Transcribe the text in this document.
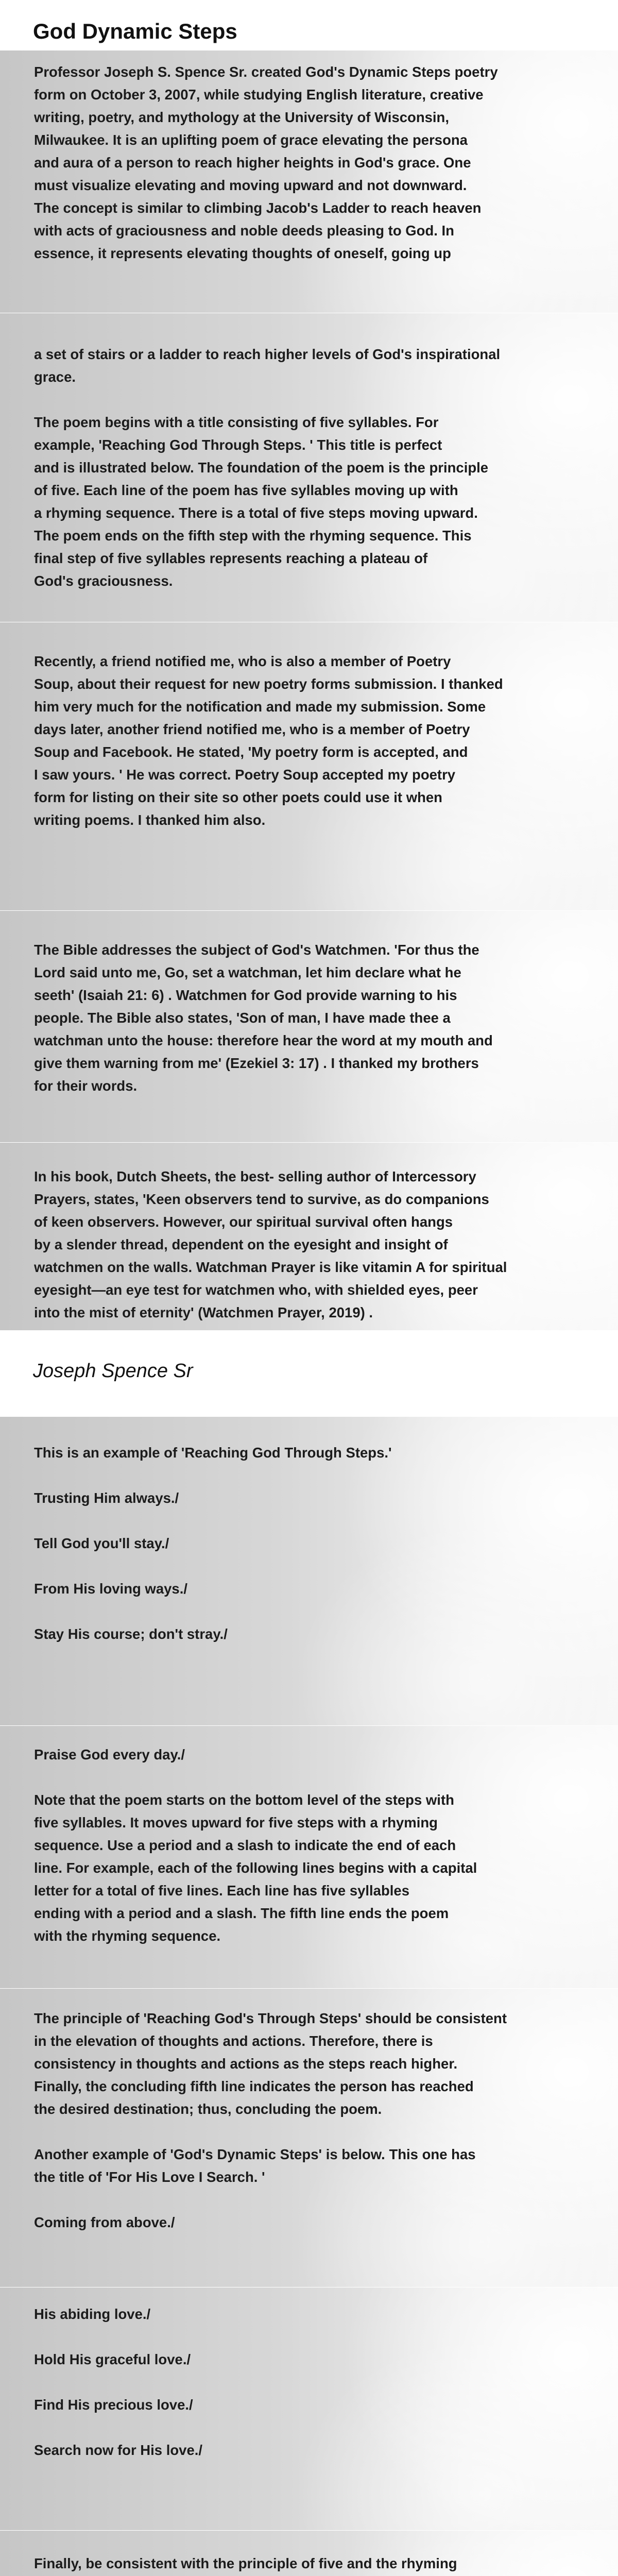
God Dynamic Steps

Professor Joseph S. Spence Sr. created God's Dynamic Steps poetry

form on October 3, 2007, while studying English literature, creative

writing, poetry, and mythology at the University of Wisconsin,

Milwaukee. It is an uplifting poem of grace elevating the persona

and aura of a person to reach higher heights in God's grace. One

must visualize elevating and moving upward and not downward.

The concept is similar to climbing Jacob's Ladder to reach heaven

with acts of graciousness and noble deeds pleasing to God. In

essence, it represents elevating thoughts of oneself, going up

a set of stairs or a ladder to reach higher levels of God's inspirational

grace.

The poem begins with a title consisting of five syllables. For

example, 'Reaching God Through Steps. ' This title is perfect

and is illustrated below. The foundation of the poem is the principle

of five. Each line of the poem has five syllables moving up with

a rhyming sequence. There is a total of five steps moving upward.

The poem ends on the fifth step with the rhyming sequence. This

final step of five syllables represents reaching a plateau of

God's graciousness.

Recently, a friend notified me, who is also a member of Poetry

Soup, about their request for new poetry forms submission. I thanked

him very much for the notification and made my submission. Some

days later, another friend notified me, who is a member of Poetry

Soup and Facebook. He stated, 'My poetry form is accepted, and

I saw yours. ' He was correct. Poetry Soup accepted my poetry

form for listing on their site so other poets could use it when

writing poems. I thanked him also.

The Bible addresses the subject of God's Watchmen. 'For thus the

Lord said unto me, Go, set a watchman, let him declare what he

seeth' (Isaiah 21: 6) . Watchmen for God provide warning to his

people. The Bible also states, 'Son of man, I have made thee a

watchman unto the house: therefore hear the word at my mouth and

give them warning from me' (Ezekiel 3: 17) . I thanked my brothers

for their words.

In his book, Dutch Sheets, the best- selling author of Intercessory

Prayers, states, 'Keen observers tend to survive, as do companions

of keen observers. However, our spiritual survival often hangs

by a slender thread, dependent on the eyesight and insight of

watchmen on the walls. Watchman Prayer is like vitamin A for spiritual

eyesight—an eye test for watchmen who, with shielded eyes, peer

into the mist of eternity' (Watchmen Prayer, 2019) .

This is an example of 'Reaching God Through Steps.'

Trusting Him always./

Tell God you'll stay./

From His loving ways./

Stay His course; don't stray./

Praise God every day./

Note that the poem starts on the bottom level of the steps with

five syllables. It moves upward for five steps with a rhyming

sequence. Use a period and a slash to indicate the end of each

line. For example, each of the following lines begins with a capital

letter for a total of five lines. Each line has five syllables

ending with a period and a slash. The fifth line ends the poem

with the rhyming sequence.

The principle of 'Reaching God's Through Steps' should be consistent

in the elevation of thoughts and actions. Therefore, there is

consistency in thoughts and actions as the steps reach higher.

Finally, the concluding fifth line indicates the person has reached

the desired destination; thus, concluding the poem.

Another example of 'God's Dynamic Steps' is below. This one has

the title of 'For His Love I Search. '

Coming from above./

His abiding love./

Hold His graceful love./

Find His precious love./

Search now for His love./

Finally, be consistent with the principle of five and the rhyming

Joseph Spence Sr
